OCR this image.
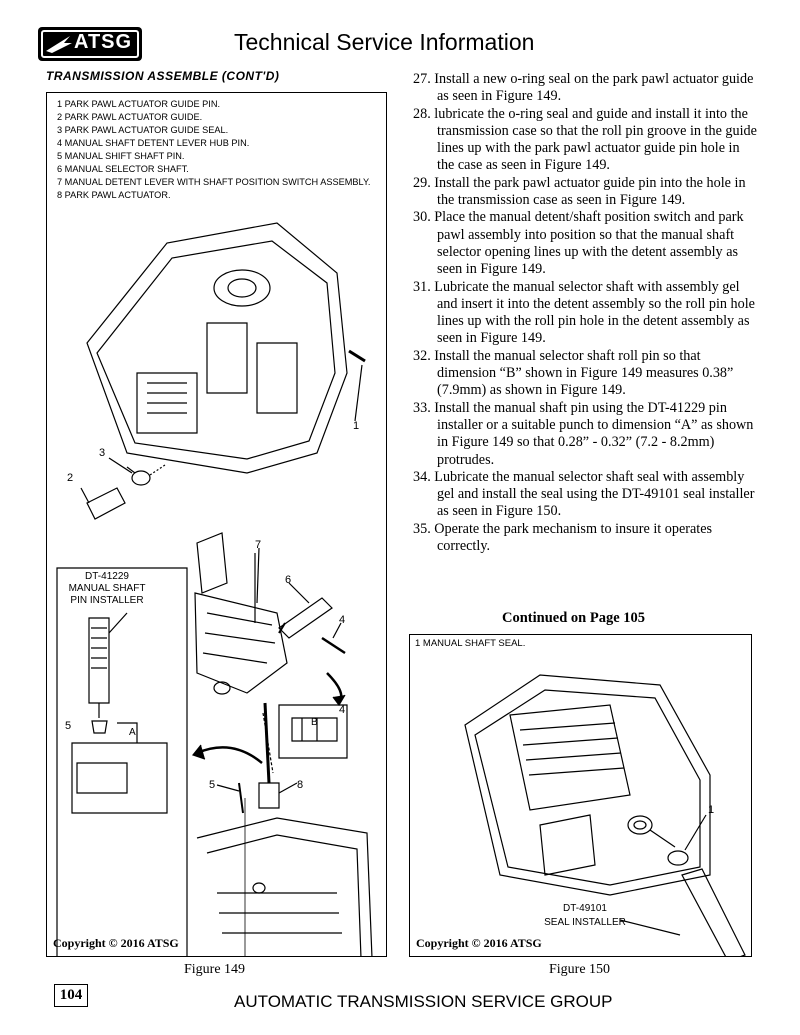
ATSG	Technical Service Information
TRANSMISSION ASSEMBLE (CONT'D)
1 PARK PAWL ACTUATOR GUIDE PIN.
2 PARK PAWL ACTUATOR GUIDE.
3 PARK PAWL ACTUATOR GUIDE SEAL.
4 MANUAL SHAFT DETENT LEVER HUB PIN.
5 MANUAL SHIFT SHAFT PIN.
6 MANUAL SELECTOR SHAFT.
7 MANUAL DETENT LEVER WITH SHAFT POSITION SWITCH ASSEMBLY.
8 PARK PAWL ACTUATOR.
1
2
3
4
4
5
5
6
7
8
DT-41229
MANUAL SHAFT
PIN INSTALLER
A
B
Copyright © 2016 ATSG
Figure 149
27. Install a new o-ring seal on the park pawl actuator guide as seen in Figure 149.
28. lubricate the o-ring seal and guide and install it into the transmission case so that the roll pin groove in the guide lines up with the park pawl actuator guide pin hole in the case as seen in Figure 149.
29. Install the park pawl actuator guide pin into the hole in the transmission case as seen in Figure 149.
30. Place the manual detent/shaft position switch and park pawl assembly into position so that the manual shaft selector opening lines up with the detent assembly as seen in Figure 149.
31. Lubricate the manual selector shaft with assembly gel and insert it into the detent assembly so the roll pin hole lines up with the roll pin hole in the detent assembly as seen in Figure 149.
32. Install the manual selector shaft roll pin so that dimension “B” shown in Figure 149 measures 0.38” (7.9mm) as shown in Figure 149.
33. Install the manual shaft pin using the DT-41229 pin installer or a suitable punch to dimension “A” as shown in Figure 149 so that 0.28” - 0.32” (7.2 - 8.2mm) protrudes.
34. Lubricate the manual selector shaft seal with assembly gel and install the seal using the DT-49101 seal installer as seen in Figure 150.
35. Operate the park mechanism to insure it operates correctly.
Continued on Page 105
1 MANUAL SHAFT SEAL.
1
DT-49101
SEAL INSTALLER
Copyright © 2016 ATSG
Figure 150
104	AUTOMATIC TRANSMISSION SERVICE GROUP
